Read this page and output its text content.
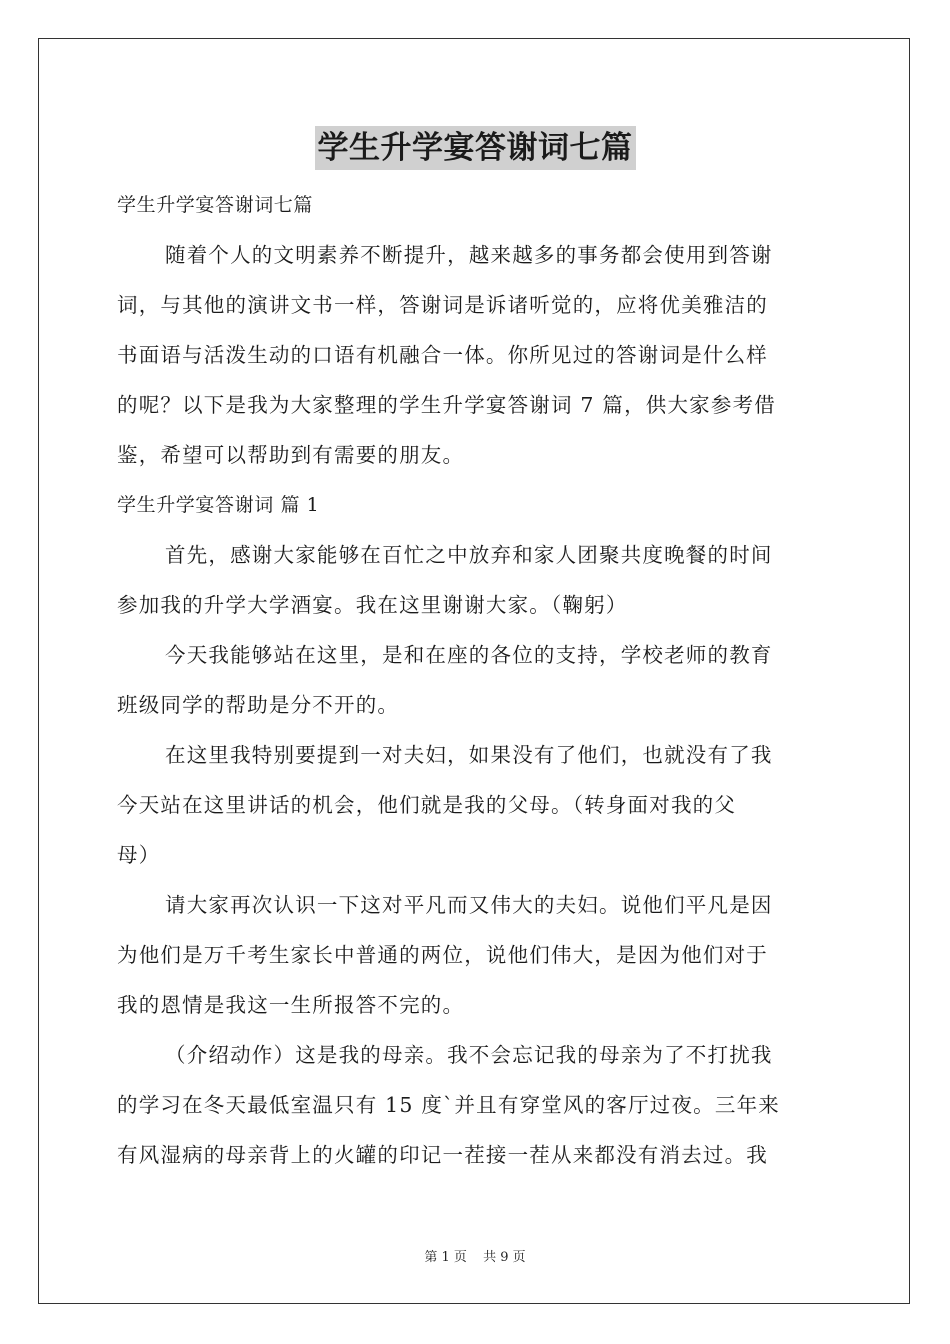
学生升学宴答谢词七篇
学生升学宴答谢词七篇
随着个人的文明素养不断提升，越来越多的事务都会使用到答谢
词，与其他的演讲文书一样，答谢词是诉诸听觉的，应将优美雅洁的
书面语与活泼生动的口语有机融合一体。你所见过的答谢词是什么样
的呢？以下是我为大家整理的学生升学宴答谢词 7 篇，供大家参考借
鉴，希望可以帮助到有需要的朋友。
学生升学宴答谢词 篇 1
首先，感谢大家能够在百忙之中放弃和家人团聚共度晚餐的时间
参加我的升学大学酒宴。我在这里谢谢大家。（鞠躬）
今天我能够站在这里，是和在座的各位的支持，学校老师的教育
班级同学的帮助是分不开的。
在这里我特别要提到一对夫妇，如果没有了他们，也就没有了我
今天站在这里讲话的机会，他们就是我的父母。（转身面对我的父
母）
请大家再次认识一下这对平凡而又伟大的夫妇。说他们平凡是因
为他们是万千考生家长中普通的两位，说他们伟大，是因为他们对于
我的恩情是我这一生所报答不完的。
（介绍动作）这是我的母亲。我不会忘记我的母亲为了不打扰我
的学习在冬天最低室温只有 15 度`并且有穿堂风的客厅过夜。三年来
有风湿病的母亲背上的火罐的印记一茬接一茬从来都没有消去过。我
第 1 页 共 9 页
